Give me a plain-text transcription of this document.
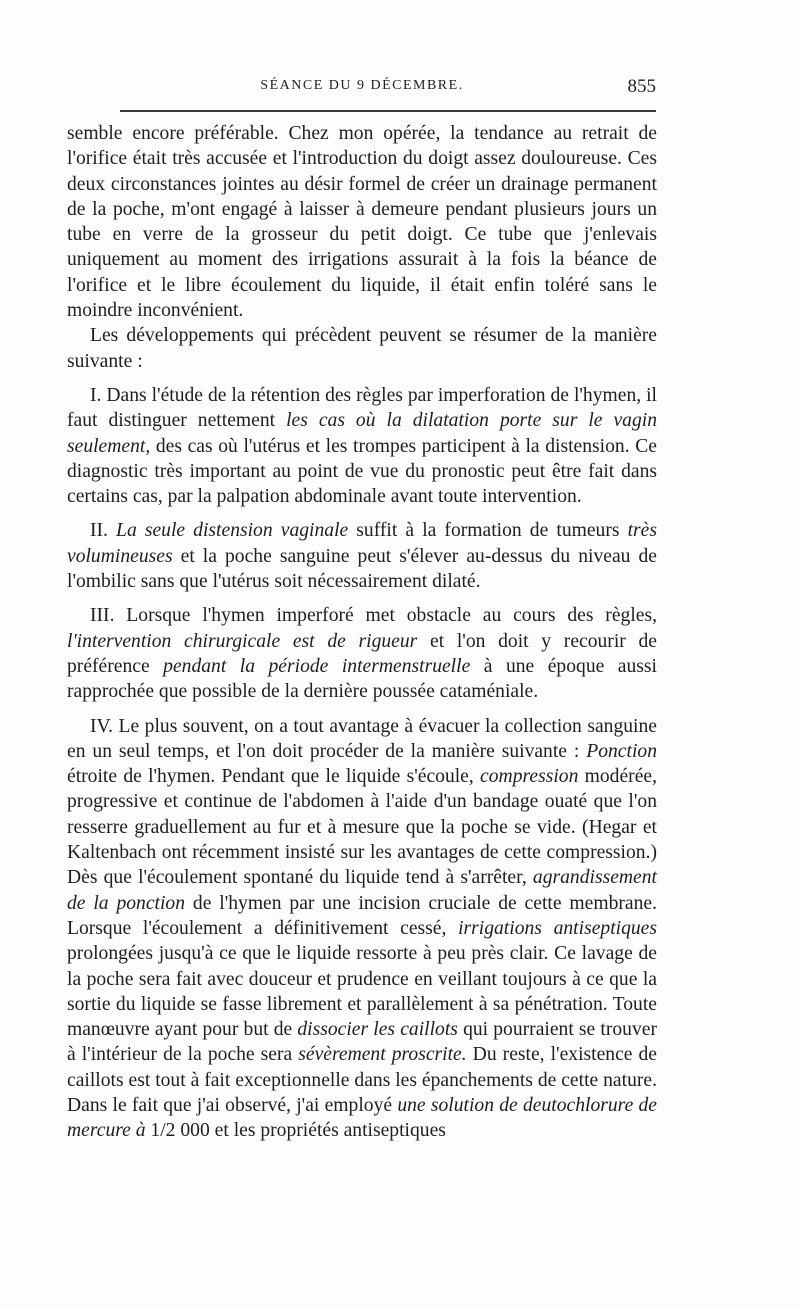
SÉANCE DU 9 DÉCEMBRE.	855

semble encore préférable. Chez mon opérée, la tendance au retrait de l'orifice était très accusée et l'introduction du doigt assez douloureuse. Ces deux circonstances jointes au désir formel de créer un drainage permanent de la poche, m'ont engagé à laisser à demeure pendant plusieurs jours un tube en verre de la grosseur du petit doigt. Ce tube que j'enlevais uniquement au moment des irrigations assurait à la fois la béance de l'orifice et le libre écoulement du liquide, il était enfin toléré sans le moindre inconvénient.

Les développements qui précèdent peuvent se résumer de la manière suivante :

I. Dans l'étude de la rétention des règles par imperforation de l'hymen, il faut distinguer nettement les cas où la dilatation porte sur le vagin seulement, des cas où l'utérus et les trompes participent à la distension. Ce diagnostic très important au point de vue du pronostic peut être fait dans certains cas, par la palpation abdominale avant toute intervention.

II. La seule distension vaginale suffit à la formation de tumeurs très volumineuses et la poche sanguine peut s'élever au-dessus du niveau de l'ombilic sans que l'utérus soit nécessairement dilaté.

III. Lorsque l'hymen imperforé met obstacle au cours des règles, l'intervention chirurgicale est de rigueur et l'on doit y recourir de préférence pendant la période intermenstruelle à une époque aussi rapprochée que possible de la dernière poussée cataméniale.

IV. Le plus souvent, on a tout avantage à évacuer la collection sanguine en un seul temps, et l'on doit procéder de la manière suivante : Ponction étroite de l'hymen. Pendant que le liquide s'écoule, compression modérée, progressive et continue de l'abdomen à l'aide d'un bandage ouaté que l'on resserre graduellement au fur et à mesure que la poche se vide. (Hegar et Kaltenbach ont récemment insisté sur les avantages de cette compression.) Dès que l'écoulement spontané du liquide tend à s'arrêter, agrandissement de la ponction de l'hymen par une incision cruciale de cette membrane. Lorsque l'écoulement a définitivement cessé, irrigations antiseptiques prolongées jusqu'à ce que le liquide ressorte à peu près clair. Ce lavage de la poche sera fait avec douceur et prudence en veillant toujours à ce que la sortie du liquide se fasse librement et parallèlement à sa pénétration. Toute manœuvre ayant pour but de dissocier les caillots qui pourraient se trouver à l'intérieur de la poche sera sévèrement proscrite. Du reste, l'existence de caillots est tout à fait exceptionnelle dans les épanchements de cette nature. Dans le fait que j'ai observé, j'ai employé une solution de deutochlorure de mercure à 1/2 000 et les propriétés antiseptiques
